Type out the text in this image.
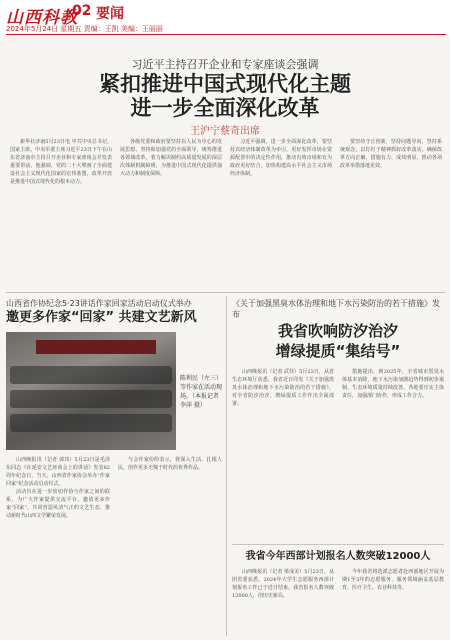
山西科教
02 要闻
2024年5月24日 星期五 责编：王凯 美编：王丽丽
习近平主持召开企业和专家座谈会强调
紧扣推进中国式现代化主题
进一步全面深化改革
王沪宁蔡奇出席

新华社济南5月23日电 中共中央总书记、国家主席、中央军委主席习近平23日下午在山东省济南市主持召开企业和专家座谈会并发表重要讲话。他强调，党的二十大擘画了全面建设社会主义现代化国家的宏伟蓝图，改革开放是推进中国式现代化的根本动力。

各级党委和政府要坚持以人民为中心的发展思想，坚持和加强党的全面领导，统筹推进各领域改革，着力解决制约高质量发展的深层次体制机制障碍，为推进中国式现代化提供强大动力和制度保障。

习近平强调，进一步全面深化改革，要坚持以经济体制改革为牵引，更好发挥市场在资源配置中的决定性作用，推动有效市场和有为政府更好结合，加快构建高水平社会主义市场经济体制。

要坚持守正创新，坚持问题导向，坚持系统观念，以钉钉子精神抓好改革落实，确保改革方向正确、措施有力、成效明显，推动各项改革举措落地见效。

山西省作协纪念5·23讲话作家回家活动启动仪式举办
邀更多作家“回家” 共建文艺新风
陈利民（左三）等作家在活动现场。（本报记者 李萍 摄）

山西晚报讯（记者 郭玮）5月23日是毛泽东同志《在延安文艺座谈会上的讲话》发表82周年纪念日，当天，山西省作家协会举办“作家回家”纪念活动启动仪式。

活动旨在进一步密切作协与作家之间的联系，为广大作家提供交流平台，邀请更多作家“回家”，共同营造风清气正的文艺生态，推动新时代山西文学繁荣发展。

与会作家纷纷表示，将深入生活、扎根人民，创作更多无愧于时代的优秀作品。

《关于加强黑臭水体治理和地下水污染防治的若干措施》发布
我省吹响防汐治汐
增绿提质“集结号”

山西晚报讯（记者 武佳）5月23日，从省生态环境厅获悉，我省近日印发《关于加强黑臭水体治理和地下水污染防治的若干措施》，对全省防汐治汐、增绿提质工作作出全面部署。

措施提出，到2025年，全省城市黑臭水体基本消除，地下水污染加剧趋势得到初步遏制，生态环境质量持续改善。各地要压实主体责任，加强部门协作，形成工作合力。

我省今年西部计划报名人数突破12000人

山西晚报讯（记者 梁成美）5月23日，从团省委获悉，2024年大学生志愿服务西部计划报名工作已于近日结束，我省报名人数突破12000人，创历史新高。

今年我省将选派志愿者赴西部地区开展为期1至3年的志愿服务，服务领域涵盖基层教育、医疗卫生、农业科技等。
